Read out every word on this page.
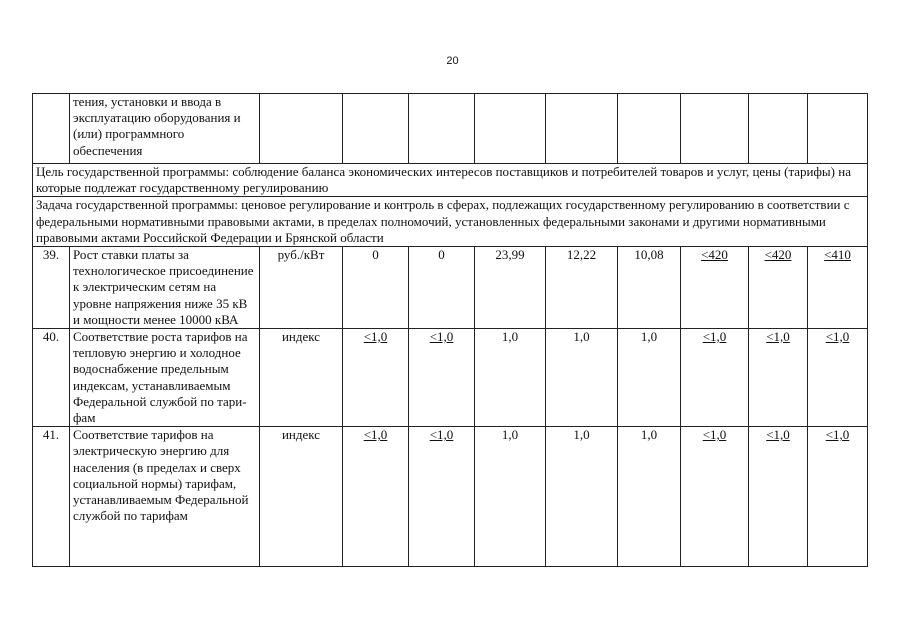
20
	тения, установки и ввода в эксплуатацию оборудования и (или) программного обеспечения									
Цель государственной программы: соблюдение баланса экономических интересов поставщиков и потребителей товаров и услуг, цены (тарифы) на которые подлежат государственному регулированию										
Задача государственной программы: ценовое регулирование и контроль в сферах, подлежащих государственному регулированию в соответствии с федеральными нормативными правовыми актами, в пределах полномочий, установленных федеральными законами и другими нормативными правовыми актами Российской Федерации и Брянской области										
39.	Рост ставки платы за технологическое присоединение к электрическим сетям на уровне напряжения ниже 35 кВ и мощности менее 10000 кВА	руб./кВт	0	0	23,99	12,22	10,08	<420	<420	<410
40.	Соответствие роста тарифов на тепловую энергию и холодное водоснабжение предельным индексам, устанавливаемым Федеральной службой по тарифам	индекс	<1,0	<1,0	1,0	1,0	1,0	<1,0	<1,0	<1,0
41.	Соответствие тарифов на электрическую энергию для населения (в пределах и сверх социальной нормы) тарифам, устанавливаемым Федеральной службой по тарифам	индекс	<1,0	<1,0	1,0	1,0	1,0	<1,0	<1,0	<1,0
